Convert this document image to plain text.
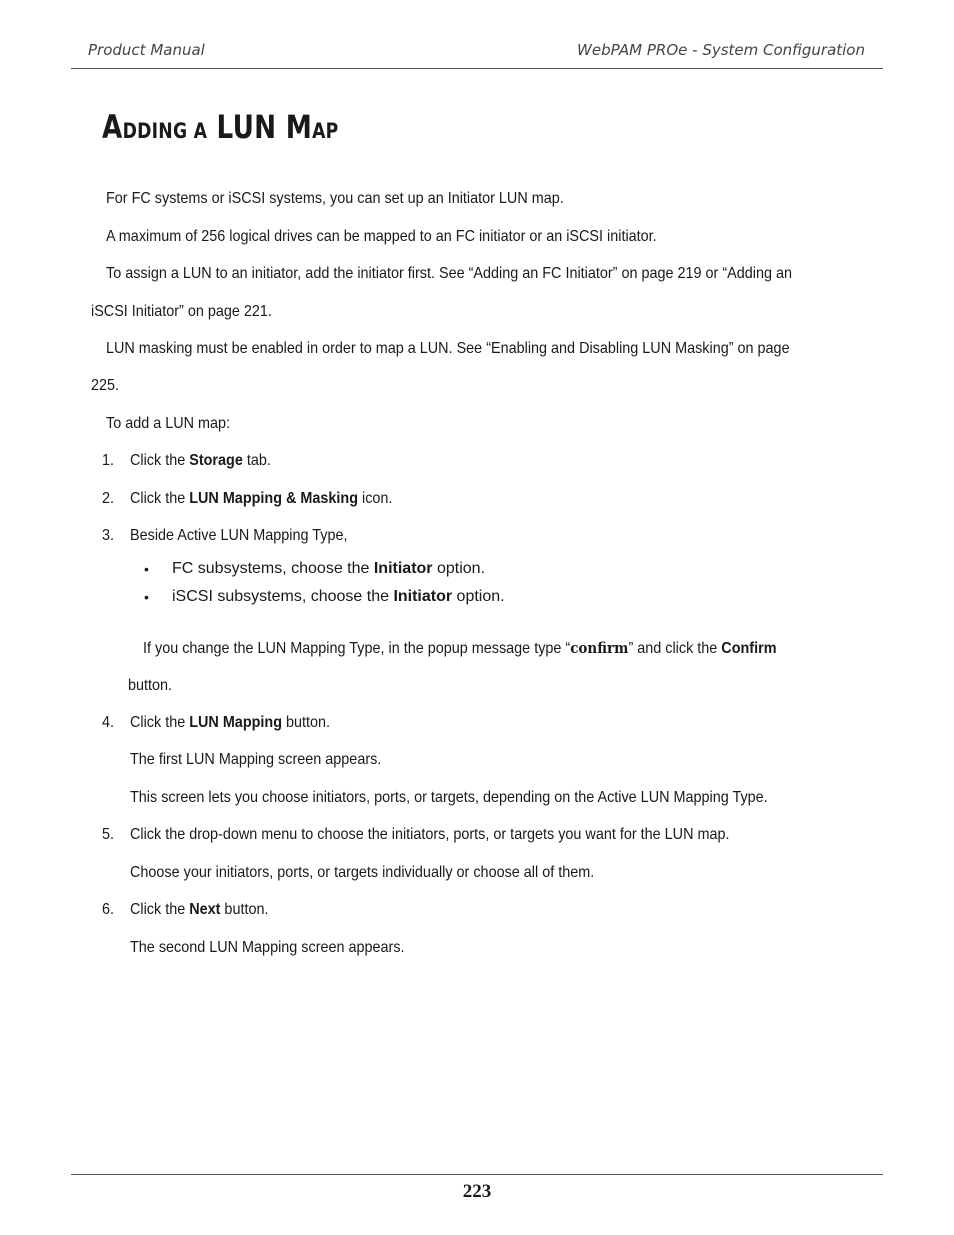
Product Manual	WebPAM PROe - System Configuration
ADDING A LUN MAP
For FC systems or iSCSI systems, you can set up an Initiator LUN map.
A maximum of 256 logical drives can be mapped to an FC initiator or an iSCSI initiator.
To assign a LUN to an initiator, add the initiator first. See “Adding an FC Initiator” on page 219 or “Adding an
iSCSI Initiator” on page 221.
LUN masking must be enabled in order to map a LUN. See “Enabling and Disabling LUN Masking” on page
225.
To add a LUN map:
1. Click the Storage tab.
2. Click the LUN Mapping & Masking icon.
3. Beside Active LUN Mapping Type,
• FC subsystems, choose the Initiator option.
• iSCSI subsystems, choose the Initiator option.
If you change the LUN Mapping Type, in the popup message type “confirm” and click the Confirm
button.
4. Click the LUN Mapping button.
The first LUN Mapping screen appears.
This screen lets you choose initiators, ports, or targets, depending on the Active LUN Mapping Type.
5. Click the drop-down menu to choose the initiators, ports, or targets you want for the LUN map.
Choose your initiators, ports, or targets individually or choose all of them.
6. Click the Next button.
The second LUN Mapping screen appears.
223
